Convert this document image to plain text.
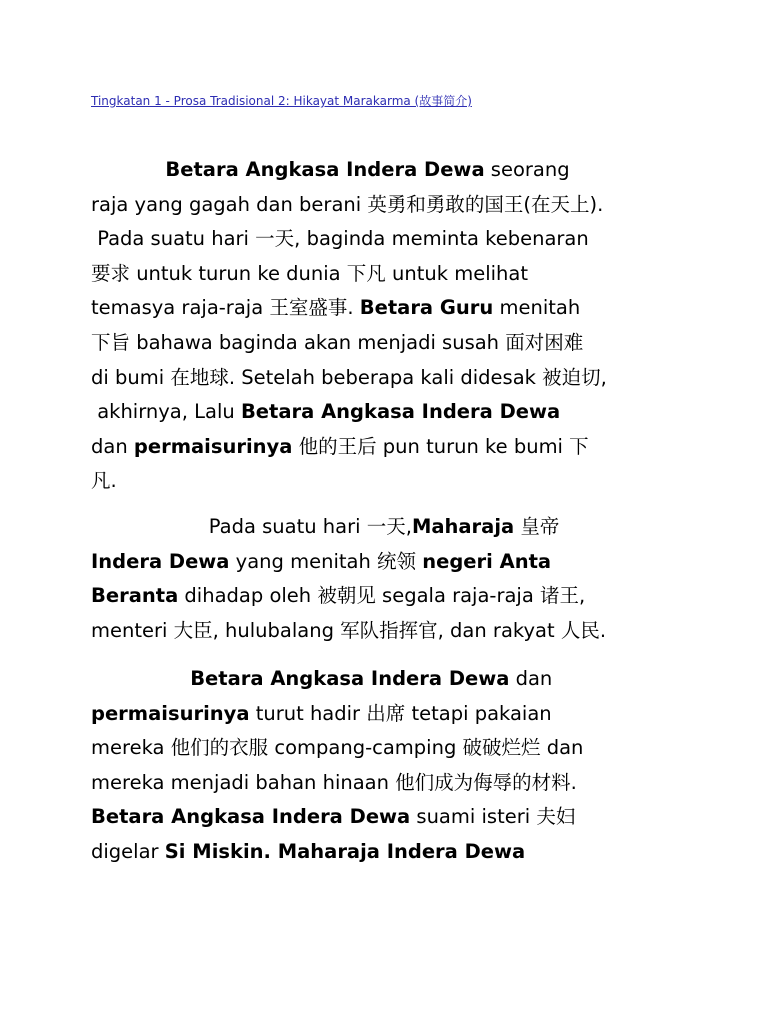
Tingkatan 1 - Prosa Tradisional 2: Hikayat Marakarma (故事简介)
Betara Angkasa Indera Dewa seorang
raja yang gagah dan berani 英勇和勇敢的国王(在天上).
Pada suatu hari 一天, baginda meminta kebenaran
要求 untuk turun ke dunia 下凡 untuk melihat
temasya raja-raja 王室盛事. Betara Guru menitah
下旨 bahawa baginda akan menjadi susah 面对困难
di bumi 在地球. Setelah beberapa kali didesak 被迫切,
akhirnya, Lalu Betara Angkasa Indera Dewa
dan permaisurinya 他的王后 pun turun ke bumi 下
凡.
Pada suatu hari 一天,Maharaja 皇帝
Indera Dewa yang menitah 统领 negeri Anta
Beranta dihadap oleh 被朝见 segala raja-raja 诸王,
menteri 大臣, hulubalang 军队指挥官, dan rakyat 人民.
Betara Angkasa Indera Dewa dan
permaisurinya turut hadir 出席 tetapi pakaian
mereka 他们的衣服 compang-camping 破破烂烂 dan
mereka menjadi bahan hinaan 他们成为侮辱的材料.
Betara Angkasa Indera Dewa suami isteri 夫妇
digelar Si Miskin. Maharaja Indera Dewa
